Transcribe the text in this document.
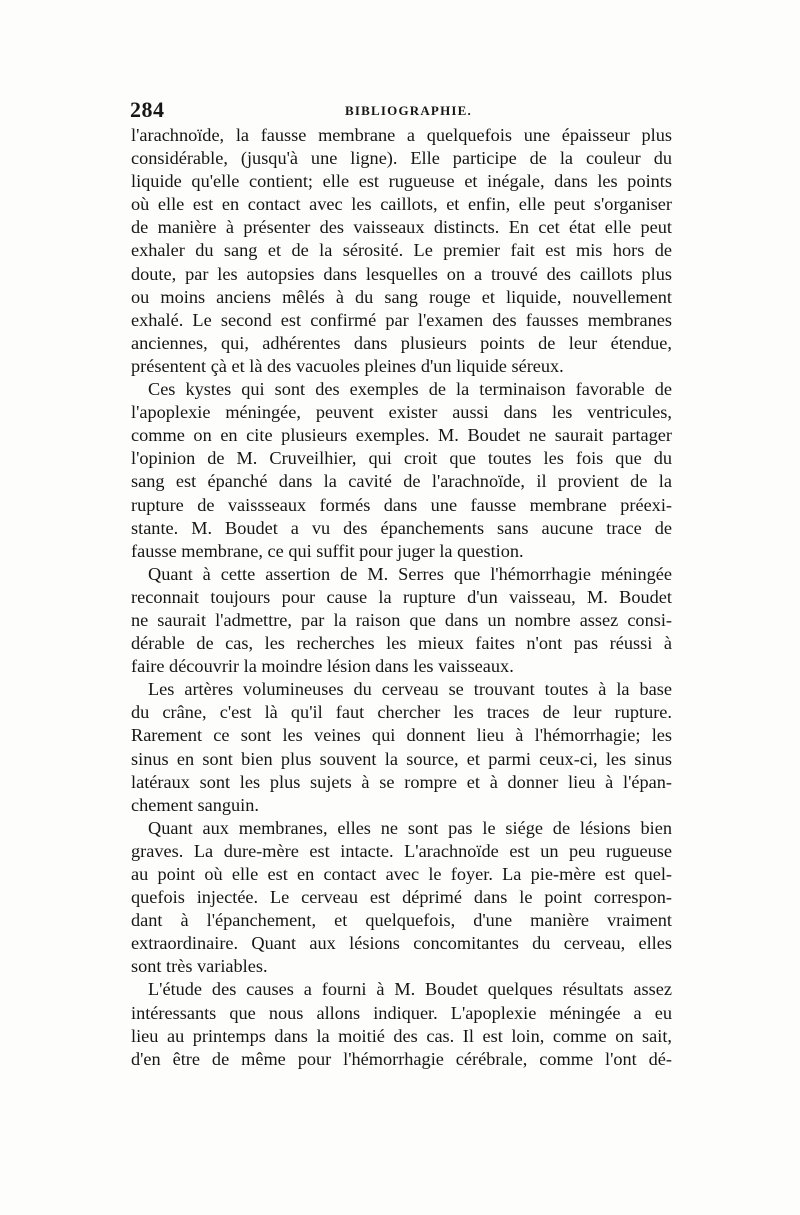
284	BIBLIOGRAPHIE.
l'arachnoïde, la fausse membrane a quelquefois une épaisseur plus
considérable, (jusqu'à une ligne). Elle participe de la couleur du
liquide qu'elle contient; elle est rugueuse et inégale, dans les points
où elle est en contact avec les caillots, et enfin, elle peut s'organiser
de manière à présenter des vaisseaux distincts. En cet état elle peut
exhaler du sang et de la sérosité. Le premier fait est mis hors de
doute, par les autopsies dans lesquelles on a trouvé des caillots plus
ou moins anciens mêlés à du sang rouge et liquide, nouvellement
exhalé. Le second est confirmé par l'examen des fausses membranes
anciennes, qui, adhérentes dans plusieurs points de leur étendue,
présentent çà et là des vacuoles pleines d'un liquide séreux.
Ces kystes qui sont des exemples de la terminaison favorable de
l'apoplexie méningée, peuvent exister aussi dans les ventricules,
comme on en cite plusieurs exemples. M. Boudet ne saurait partager
l'opinion de M. Cruveilhier, qui croit que toutes les fois que du
sang est épanché dans la cavité de l'arachnoïde, il provient de la
rupture de vaissseaux formés dans une fausse membrane préexi-
stante. M. Boudet a vu des épanchements sans aucune trace de
fausse membrane, ce qui suffit pour juger la question.
Quant à cette assertion de M. Serres que l'hémorrhagie méningée
reconnait toujours pour cause la rupture d'un vaisseau, M. Boudet
ne saurait l'admettre, par la raison que dans un nombre assez consi-
dérable de cas, les recherches les mieux faites n'ont pas réussi à
faire découvrir la moindre lésion dans les vaisseaux.
Les artères volumineuses du cerveau se trouvant toutes à la base
du crâne, c'est là qu'il faut chercher les traces de leur rupture.
Rarement ce sont les veines qui donnent lieu à l'hémorrhagie; les
sinus en sont bien plus souvent la source, et parmi ceux-ci, les sinus
latéraux sont les plus sujets à se rompre et à donner lieu à l'épan-
chement sanguin.
Quant aux membranes, elles ne sont pas le siége de lésions bien
graves. La dure-mère est intacte. L'arachnoïde est un peu rugueuse
au point où elle est en contact avec le foyer. La pie-mère est quel-
quefois injectée. Le cerveau est déprimé dans le point correspon-
dant à l'épanchement, et quelquefois, d'une manière vraiment
extraordinaire. Quant aux lésions concomitantes du cerveau, elles
sont très variables.
L'étude des causes a fourni à M. Boudet quelques résultats assez
intéressants que nous allons indiquer. L'apoplexie méningée a eu
lieu au printemps dans la moitié des cas. Il est loin, comme on sait,
d'en être de même pour l'hémorrhagie cérébrale, comme l'ont dé-
